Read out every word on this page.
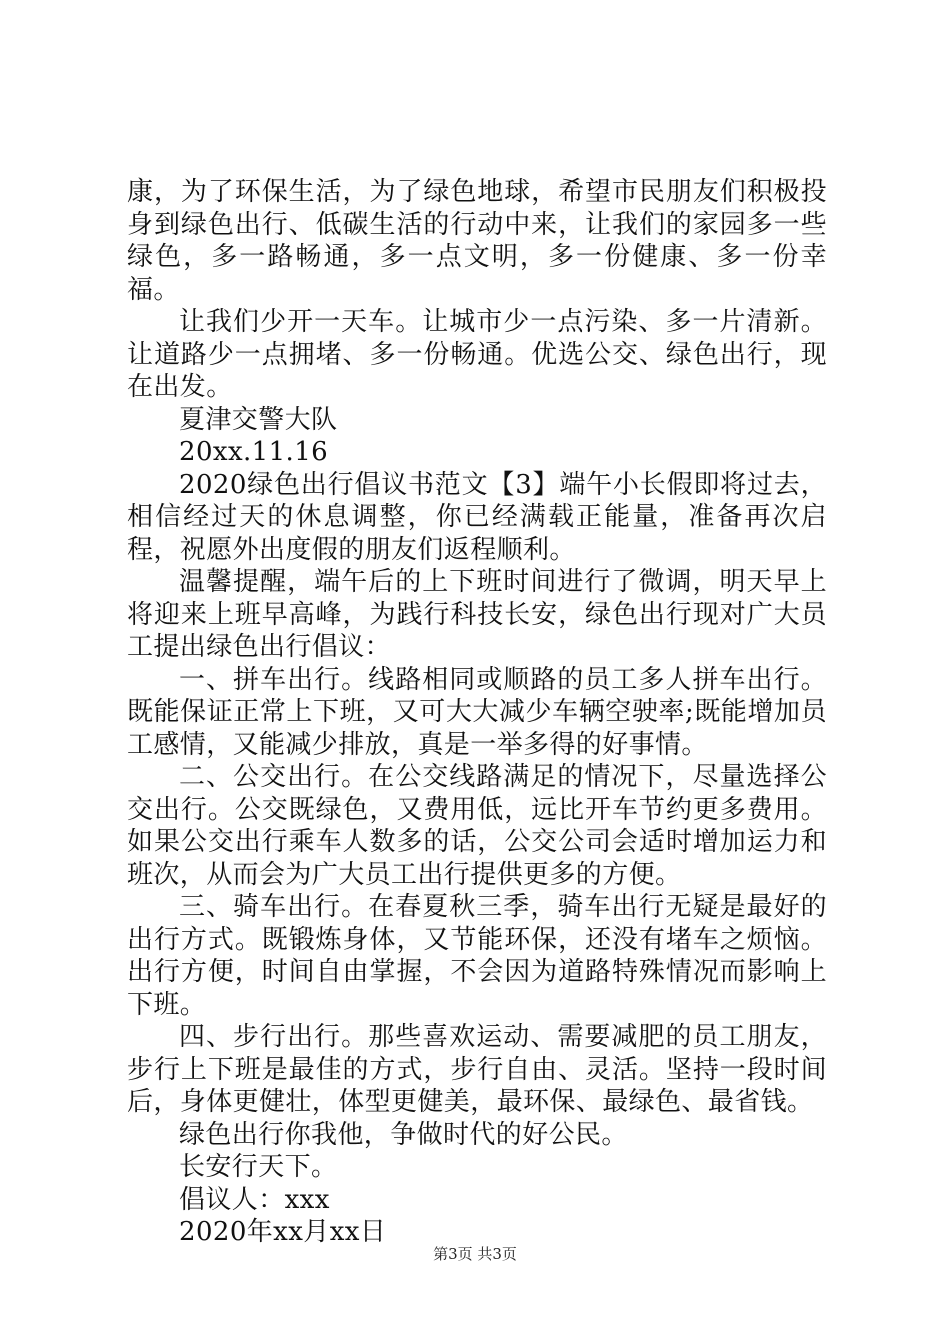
康，为了环保生活，为了绿色地球，希望市民朋友们积极投身到绿色出行、低碳生活的行动中来，让我们的家园多一些绿色，多一路畅通，多一点文明，多一份健康、多一份幸福。

让我们少开一天车。让城市少一点污染、多一片清新。让道路少一点拥堵、多一份畅通。优选公交、绿色出行，现在出发。

夏津交警大队

20xx.11.16

2020绿色出行倡议书范文【3】端午小长假即将过去，相信经过天的休息调整，你已经满载正能量，准备再次启程，祝愿外出度假的朋友们返程顺利。

温馨提醒，端午后的上下班时间进行了微调，明天早上将迎来上班早高峰，为践行科技长安，绿色出行现对广大员工提出绿色出行倡议：

一、拼车出行。线路相同或顺路的员工多人拼车出行。既能保证正常上下班，又可大大减少车辆空驶率;既能增加员工感情，又能减少排放，真是一举多得的好事情。

二、公交出行。在公交线路满足的情况下，尽量选择公交出行。公交既绿色，又费用低，远比开车节约更多费用。如果公交出行乘车人数多的话，公交公司会适时增加运力和班次，从而会为广大员工出行提供更多的方便。

三、骑车出行。在春夏秋三季，骑车出行无疑是最好的出行方式。既锻炼身体，又节能环保，还没有堵车之烦恼。出行方便，时间自由掌握，不会因为道路特殊情况而影响上下班。

四、步行出行。那些喜欢运动、需要减肥的员工朋友，步行上下班是最佳的方式，步行自由、灵活。坚持一段时间后，身体更健壮，体型更健美，最环保、最绿色、最省钱。

绿色出行你我他，争做时代的好公民。

长安行天下。

倡议人：xxx

2020年xx月xx日

第3页 共3页
